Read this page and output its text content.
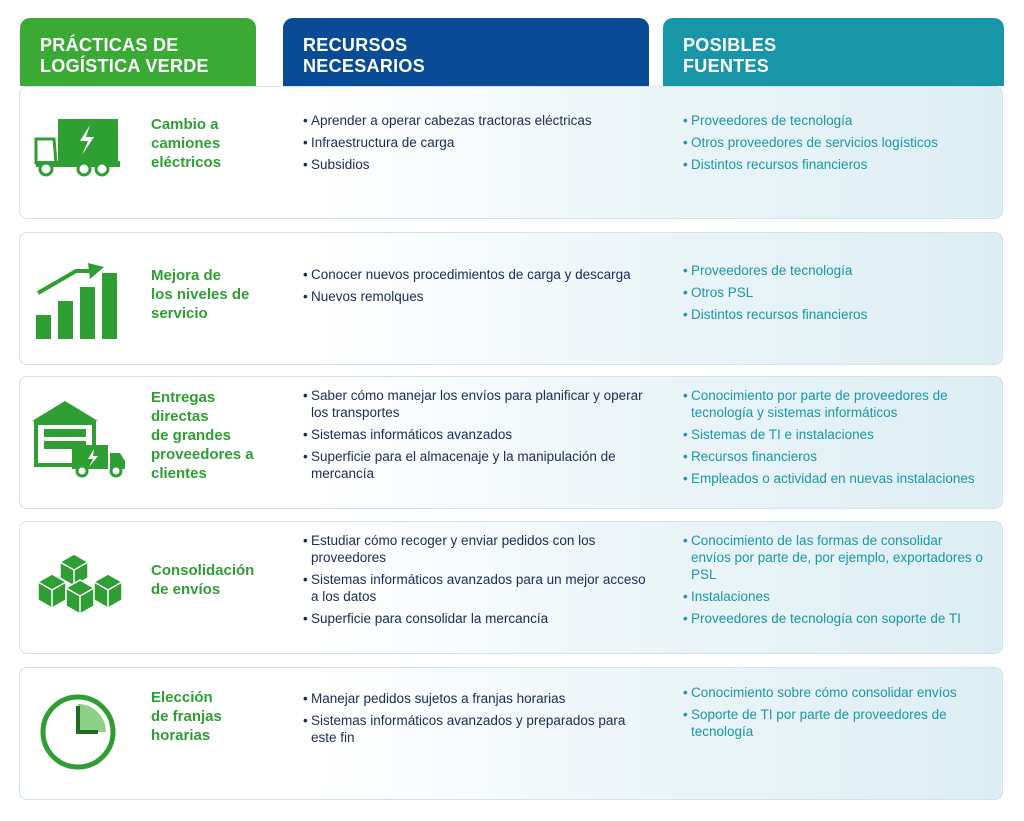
PRÁCTICAS DE
LOGÍSTICA VERDE
RECURSOS
NECESARIOS
POSIBLES
FUENTES
Cambio a
camiones
eléctricos
• Aprender a operar cabezas tractoras eléctricas
• Infraestructura de carga
• Subsidios
• Proveedores de tecnología
• Otros proveedores de servicios logísticos
• Distintos recursos financieros
Mejora de
los niveles de
servicio
• Conocer nuevos procedimientos de carga y descarga
• Nuevos remolques
• Proveedores de tecnología
• Otros PSL
• Distintos recursos financieros
Entregas
directas
de grandes
proveedores a
clientes
• Saber cómo manejar los envíos para planificar y operar los transportes
• Sistemas informáticos avanzados
• Superficie para el almacenaje y la manipulación de mercancía
• Conocimiento por parte de proveedores de tecnología y sistemas informáticos
• Sistemas de TI e instalaciones
• Recursos financieros
• Empleados o actividad en nuevas instalaciones
Consolidación
de envíos
• Estudiar cómo recoger y enviar pedidos con los proveedores
• Sistemas informáticos avanzados para un mejor acceso a los datos
• Superficie para consolidar la mercancía
• Conocimiento de las formas de consolidar envíos por parte de, por ejemplo, exportadores o PSL
• Instalaciones
• Proveedores de tecnología con soporte de TI
Elección
de franjas
horarias
• Manejar pedidos sujetos a franjas horarias
• Sistemas informáticos avanzados y preparados para este fin
• Conocimiento sobre cómo consolidar envíos
• Soporte de TI por parte de proveedores de tecnología
